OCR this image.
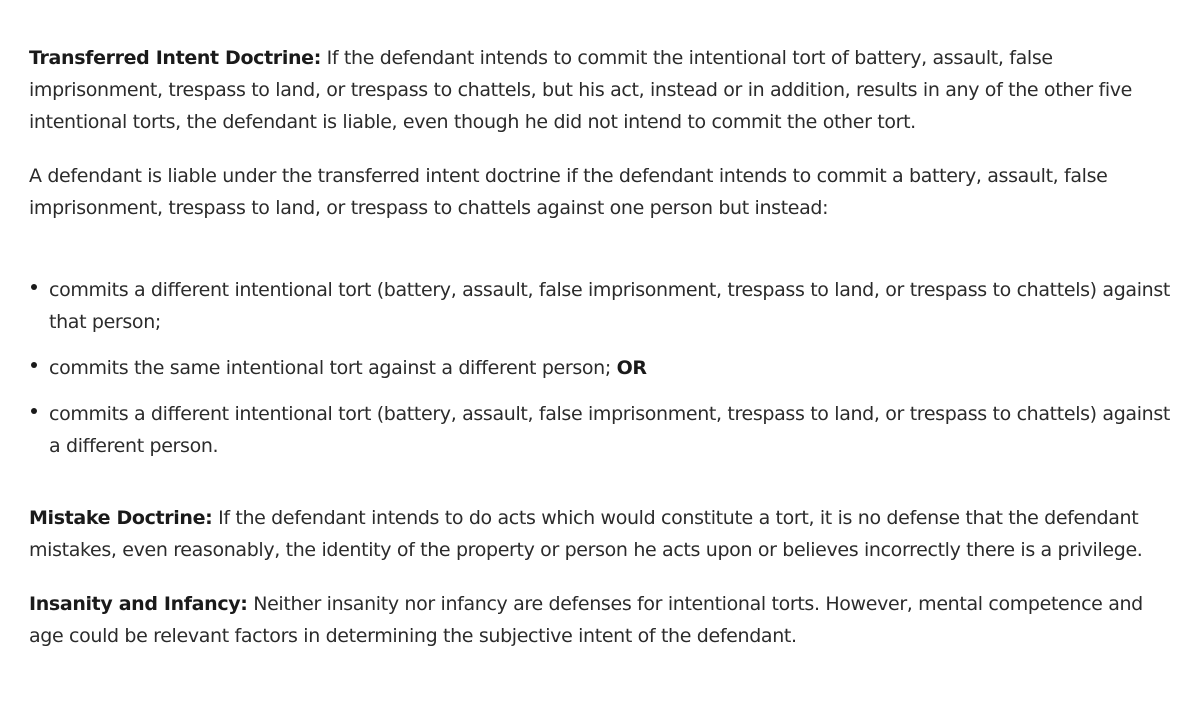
Transferred Intent Doctrine: If the defendant intends to commit the intentional tort of battery, assault, false imprisonment, trespass to land, or trespass to chattels, but his act, instead or in addition, results in any of the other five intentional torts, the defendant is liable, even though he did not intend to commit the other tort.

A defendant is liable under the transferred intent doctrine if the defendant intends to commit a battery, assault, false imprisonment, trespass to land, or trespass to chattels against one person but instead:

commits a different intentional tort (battery, assault, false imprisonment, trespass to land, or trespass to chattels) against that person;
commits the same intentional tort against a different person; OR
commits a different intentional tort (battery, assault, false imprisonment, trespass to land, or trespass to chattels) against a different person.

Mistake Doctrine: If the defendant intends to do acts which would constitute a tort, it is no defense that the defendant mistakes, even reasonably, the identity of the property or person he acts upon or believes incorrectly there is a privilege.

Insanity and Infancy: Neither insanity nor infancy are defenses for intentional torts. However, mental competence and age could be relevant factors in determining the subjective intent of the defendant.
